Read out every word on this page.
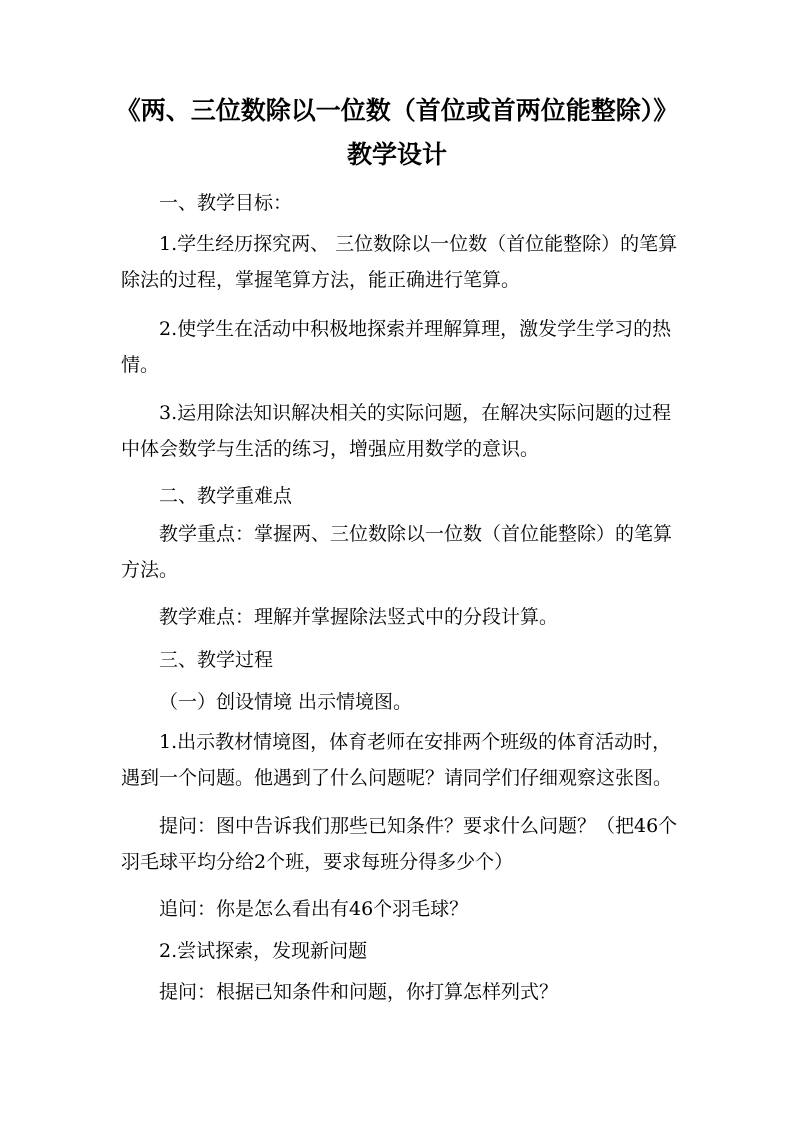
《两、三位数除以一位数（首位或首两位能整除）》
教学设计
一、教学目标：

1.学生经历探究两、 三位数除以一位数（首位能整除）的笔算除法的过程，掌握笔算方法，能正确进行笔算。

2.使学生在活动中积极地探索并理解算理，激发学生学习的热情。

3.运用除法知识解决相关的实际问题，在解决实际问题的过程中体会数学与生活的练习，增强应用数学的意识。

二、教学重难点

教学重点：掌握两、三位数除以一位数（首位能整除）的笔算方法。

教学难点：理解并掌握除法竖式中的分段计算。
三、教学过程
（一）创设情境 出示情境图。

1.出示教材情境图，体育老师在安排两个班级的体育活动时，遇到一个问题。他遇到了什么问题呢？请同学们仔细观察这张图。

提问：图中告诉我们那些已知条件？要求什么问题？（把46个羽毛球平均分给2个班，要求每班分得多少个）

追问：你是怎么看出有46个羽毛球？
2.尝试探索，发现新问题
提问：根据已知条件和问题，你打算怎样列式？
